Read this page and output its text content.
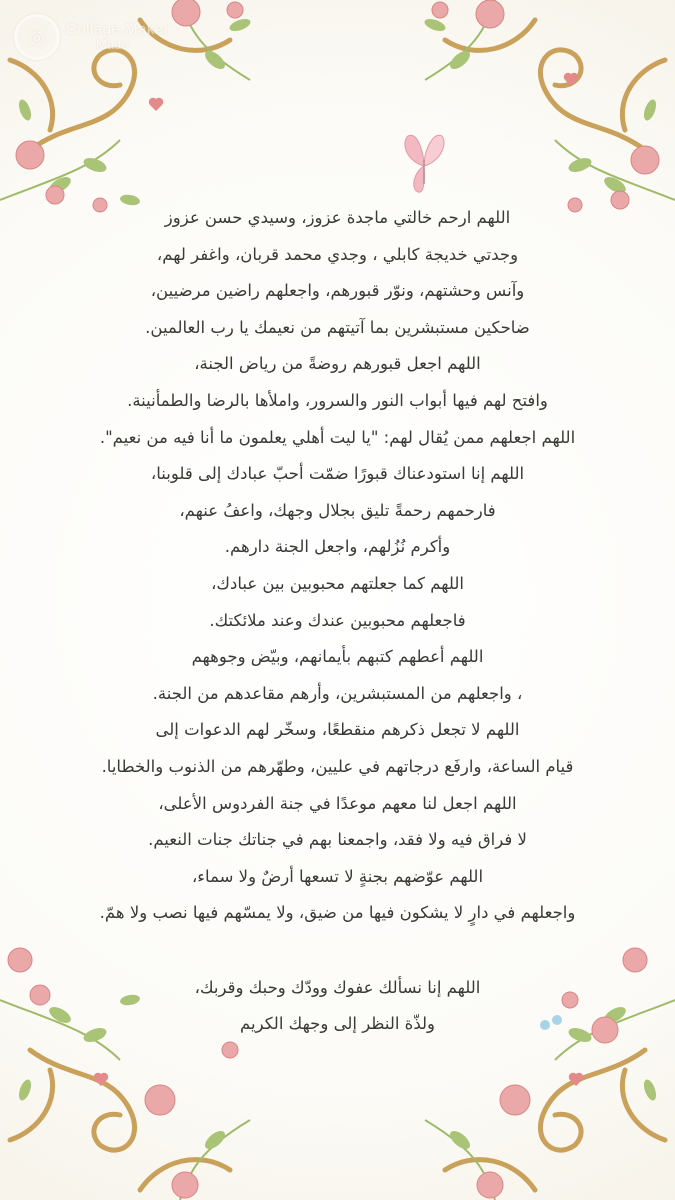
◎	Collage.Maker
Made
اللهم ارحم خالتي ماجدة عزوز، وسيدي حسن عزوز
وجدتي خديجة كابلي ، وجدي محمد قربان، واغفر لهم،
وآنس وحشتهم، ونوّر قبورهم، واجعلهم راضين مرضيين،
ضاحكين مستبشرين بما آتيتهم من نعيمك يا رب العالمين.
اللهم اجعل قبورهم روضةً من رياض الجنة،
وافتح لهم فيها أبواب النور والسرور، واملأها بالرضا والطمأنينة.
اللهم اجعلهم ممن يُقال لهم: "يا ليت أهلي يعلمون ما أنا فيه من نعيم".
اللهم إنا استودعناك قبورًا ضمّت أحبّ عبادك إلى قلوبنا،
فارحمهم رحمةً تليق بجلال وجهك، واعفُ عنهم،
وأكرم نُزُلهم، واجعل الجنة دارهم.
اللهم كما جعلتهم محبوبين بين عبادك،
فاجعلهم محبوبين عندك وعند ملائكتك.
اللهم أعطهم كتبهم بأيمانهم، وبيّض وجوههم
، واجعلهم من المستبشرين، وأرهم مقاعدهم من الجنة.
اللهم لا تجعل ذكرهم منقطعًا، وسخّر لهم الدعوات إلى
قيام الساعة، وارفَع درجاتهم في عليين، وطهّرهم من الذنوب والخطايا.
اللهم اجعل لنا معهم موعدًا في جنة الفردوس الأعلى،
لا فراق فيه ولا فقد، واجمعنا بهم في جناتك جنات النعيم.
اللهم عوّضهم بجنةٍ لا تسعها أرضٌ ولا سماء،
واجعلهم في دارٍ لا يشكون فيها من ضيق، ولا يمسّهم فيها نصب ولا همّ.
اللهم إنا نسألك عفوك وودّك وحبك وقربك،
ولذّة النظر إلى وجهك الكريم
